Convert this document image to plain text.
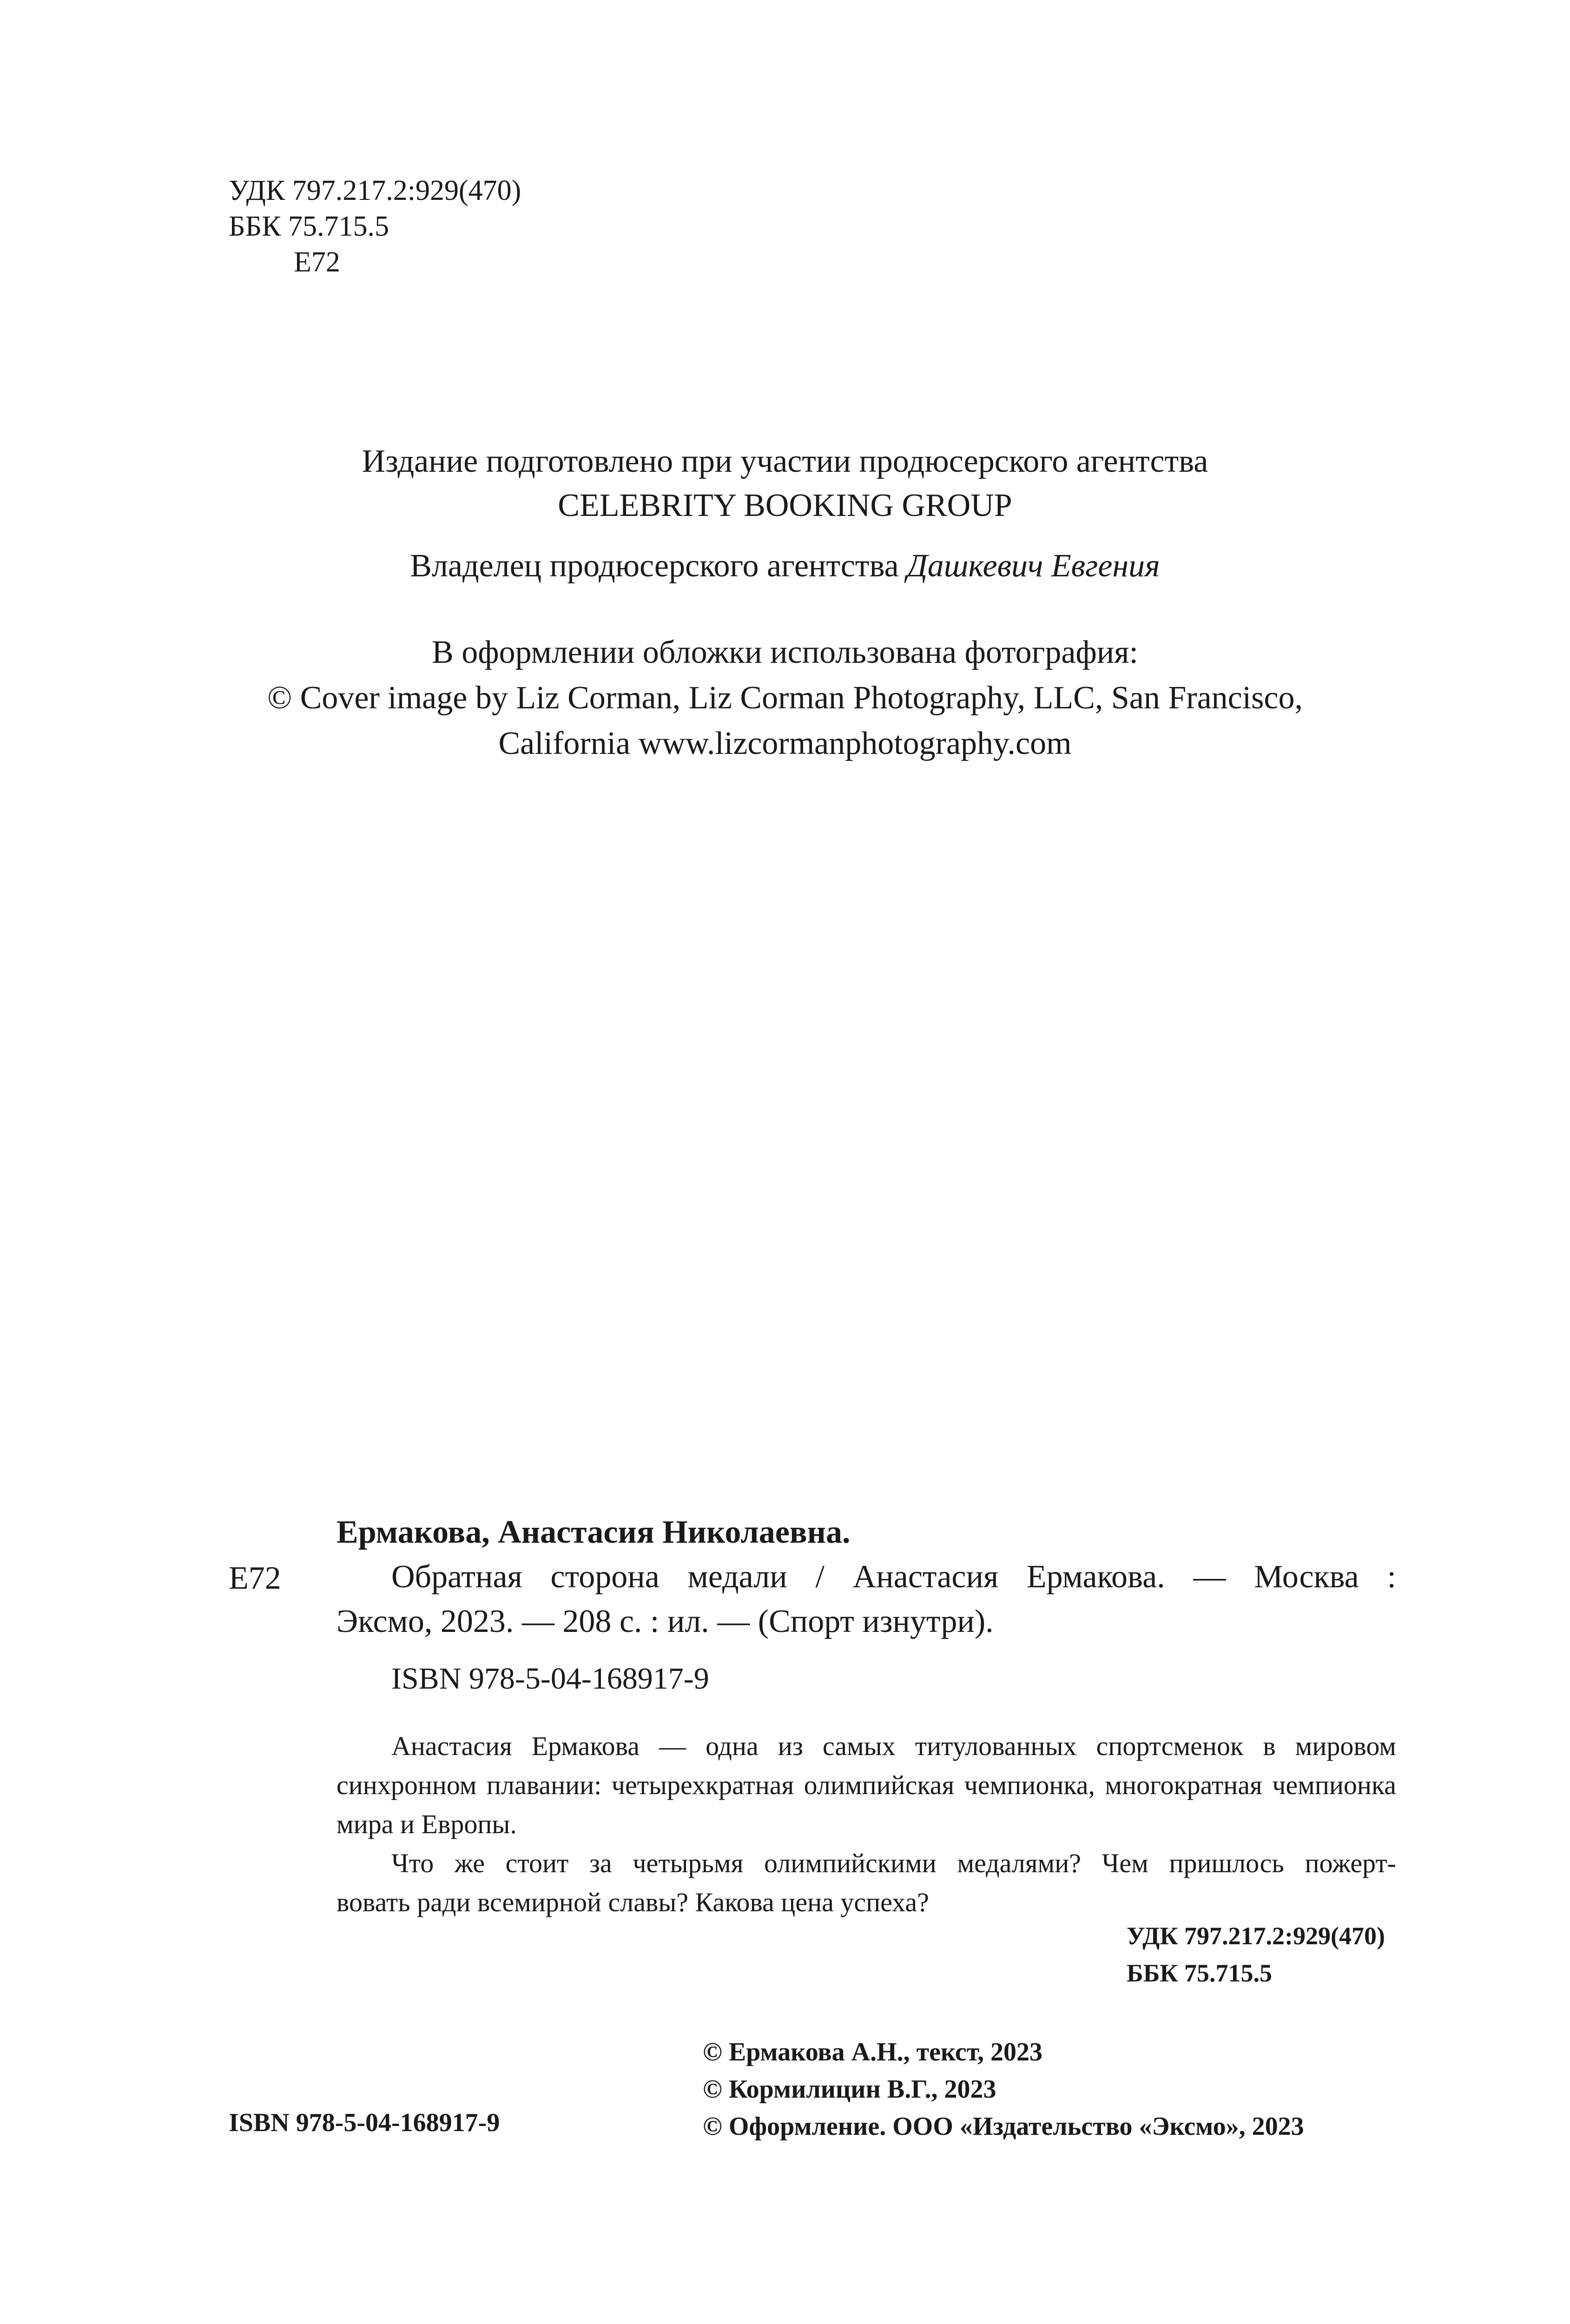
УДК 797.217.2:929(470)
ББК 75.715.5
Е72
Издание подготовлено при участии продюсерского агентства
CELEBRITY BOOKING GROUP
Владелец продюсерского агентства Дашкевич Евгения
В оформлении обложки использована фотография:
© Cover image by Liz Corman, Liz Corman Photography, LLC, San Francisco,
California www.lizcormanphotography.com
Ермакова, Анастасия Николаевна.
Е72	Обратная сторона медали / Анастасия Ермакова. — Москва :
Эксмо, 2023. — 208 с. : ил. — (Спорт изнутри).
ISBN 978-5-04-168917-9

Анастасия Ермакова — одна из самых титулованных спортсменок в мировом синхронном плавании: четырехкратная олимпийская чемпионка, многократная чемпионка мира и Европы.

Что же стоит за четырьмя олимпийскими медалями? Чем пришлось пожерт-

вовать ради всемирной славы? Какова цена успеха?
УДК 797.217.2:929(470)
ББК 75.715.5
© Ермакова А.Н., текст, 2023
© Кормилицин В.Г., 2023
© Оформление. ООО «Издательство «Эксмо», 2023
ISBN 978-5-04-168917-9
